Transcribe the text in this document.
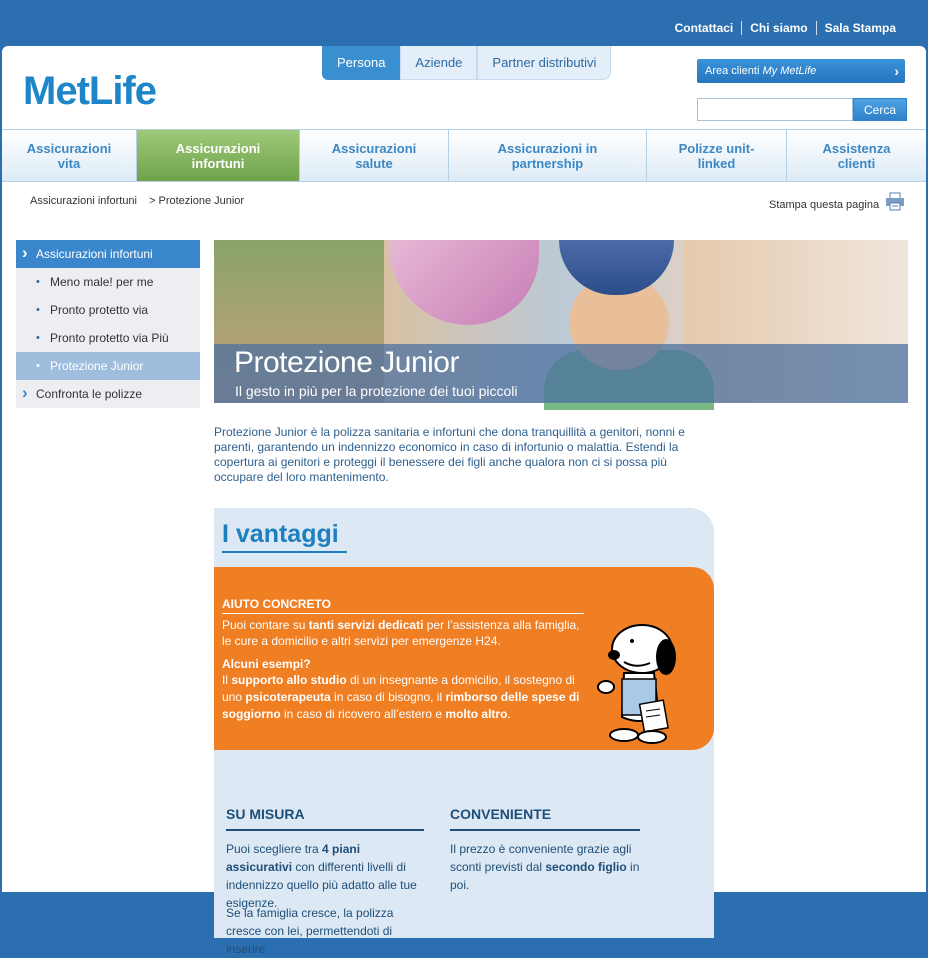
Contattaci	Chi siamo	Sala Stampa
MetLife
Persona	Aziende	Partner distributivi
Area clienti My MetLife	›
Cerca
Assicurazioni
vita
Assicurazioni
infortuni
Assicurazioni
salute
Assicurazioni in
partnership
Polizze unit-
linked
Assistenza
clienti
Assicurazioni infortuni > Protezione Junior	Stampa questa pagina
› Assicurazioni infortuni
• Meno male! per me
• Pronto protetto via
• Pronto protetto via Più
• Protezione Junior
› Confronta le polizze
Protezione Junior
Il gesto in più per la protezione dei tuoi piccoli

Protezione Junior è la polizza sanitaria e infortuni che dona tranquillità a genitori, nonni e parenti, garantendo un indennizzo economico in caso di infortunio o malattia. Estendi la copertura ai genitori e proteggi il benessere dei figli anche qualora non ci si possa più occupare del loro mantenimento.

I vantaggi
AIUTO CONCRETO
Puoi contare su tanti servizi dedicati per l’assistenza alla famiglia, le cure a domicilio e altri servizi per emergenze H24.
Alcuni esempi?
Il supporto allo studio di un insegnante a domicilio, il sostegno di uno psicoterapeuta in caso di bisogno, il rimborso delle spese di soggiorno in caso di ricovero all’estero e molto altro.
SU MISURA
Puoi scegliere tra 4 piani assicurativi con differenti livelli di indennizzo quello più adatto alle tue esigenze.
Se la famiglia cresce, la polizza cresce con lei, permettendoti di inserire
CONVENIENTE
Il prezzo è conveniente grazie agli sconti previsti dal secondo figlio in poi.
